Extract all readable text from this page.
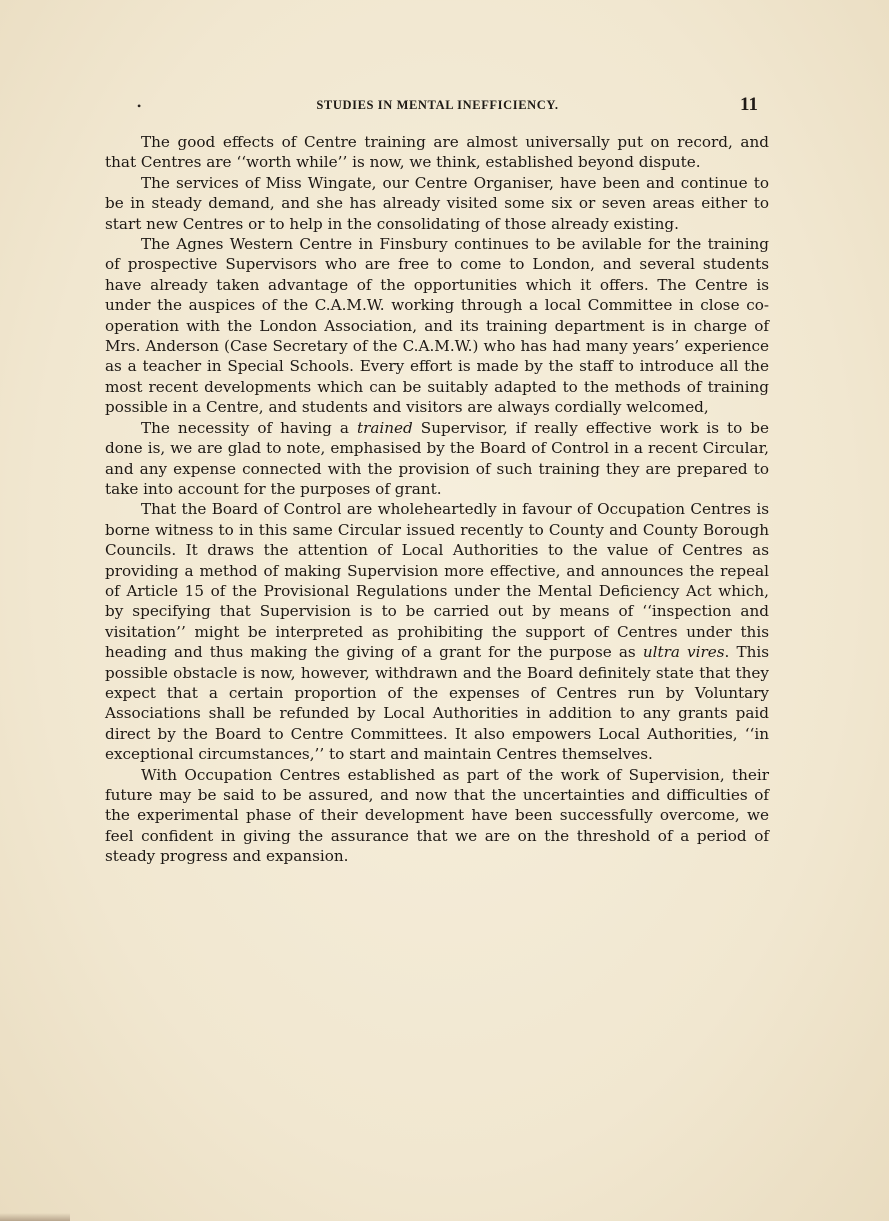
•	STUDIES IN MENTAL INEFFICIENCY.	11

The good effects of Centre training are almost universally put on record, and that Centres are ‘‘worth while’’ is now, we think, established beyond dispute.

The services of Miss Wingate, our Centre Organiser, have been and continue to be in steady demand, and she has already visited some six or seven areas either to start new Centres or to help in the consolidating of those already existing.

The Agnes Western Centre in Finsbury continues to be avilable for the training of prospective Supervisors who are free to come to London, and several students have already taken advantage of the opportunities which it offers. The Centre is under the auspices of the C.A.M.W. working through a local Committee in close co-operation with the London Association, and its training department is in charge of Mrs. Anderson (Case Secretary of the C.A.M.W.) who has had many years’ experience as a teacher in Special Schools. Every effort is made by the staff to introduce all the most recent developments which can be suitably adapted to the methods of training possible in a Centre, and students and visitors are always cordially welcomed,

The necessity of having a trained Supervisor, if really effective work is to be done is, we are glad to note, emphasised by the Board of Control in a recent Circular, and any expense connected with the provision of such training they are prepared to take into account for the purposes of grant.

That the Board of Control are wholeheartedly in favour of Occupation Centres is borne witness to in this same Circular issued recently to County and County Borough Councils. It draws the attention of Local Authorities to the value of Centres as providing a method of making Supervision more effective, and announces the repeal of Article 15 of the Provisional Regulations under the Mental Deficiency Act which, by specifying that Supervision is to be carried out by means of ‘‘inspection and visitation’’ might be interpreted as prohibiting the support of Centres under this heading and thus making the giving of a grant for the purpose as ultra vires. This possible obstacle is now, however, withdrawn and the Board definitely state that they expect that a certain proportion of the expenses of Centres run by Voluntary Associations shall be refunded by Local Authorities in addition to any grants paid direct by the Board to Centre Committees. It also empowers Local Authorities, ‘‘in exceptional circumstances,’’ to start and maintain Centres themselves.

With Occupation Centres established as part of the work of Supervision, their future may be said to be assured, and now that the uncertainties and difficulties of the experimental phase of their development have been successfully overcome, we feel confident in giving the assurance that we are on the threshold of a period of steady progress and expansion.
